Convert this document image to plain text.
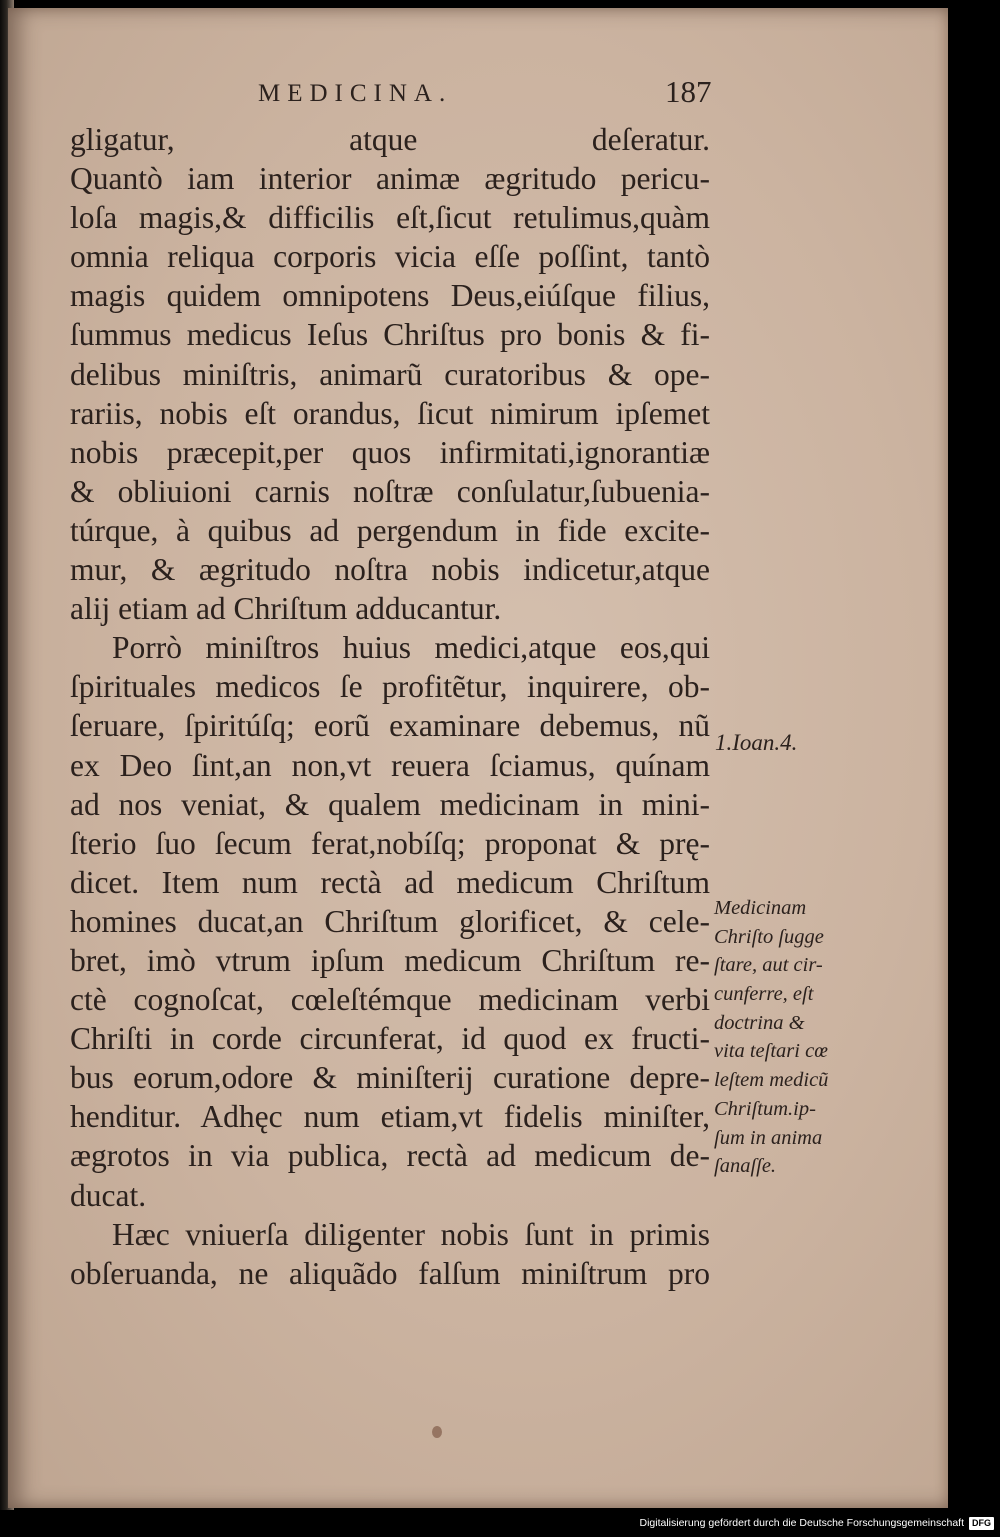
MEDICINA.	187
gligatur, atque deſeratur.
Quantò iam interior animæ ægritudo pericu-
loſa magis,& difficilis eſt,ſicut retulimus,quàm
omnia reliqua corporis vicia eſſe poſſint, tantò
magis quidem omnipotens Deus,eiúſque filius,
ſummus medicus Ieſus Chriſtus pro bonis & fi-
delibus miniſtris, animarũ curatoribus & ope-
rariis, nobis eſt orandus, ſicut nimirum ipſemet
nobis præcepit,per quos infirmitati,ignorantiæ
& obliuioni carnis noſtræ conſulatur,ſubuenia-
túrque, à quibus ad pergendum in fide excite-
mur, & ægritudo noſtra nobis indicetur,atque
alij etiam ad Chriſtum adducantur.
Porrò miniſtros huius medici,atque eos,qui
ſpirituales medicos ſe profitẽtur, inquirere, ob-
ſeruare, ſpiritúſq; eorũ examinare debemus, nũ
ex Deo ſint,an non,vt reuera ſciamus, quínam
ad nos veniat, & qualem medicinam in mini-
ſterio ſuo ſecum ferat,nobíſq; proponat & prę-
dicet. Item num rectà ad medicum Chriſtum
homines ducat,an Chriſtum glorificet, & cele-
bret, imò vtrum ipſum medicum Chriſtum re-
ctè cognoſcat, cœleſtémque medicinam verbi
Chriſti in corde circunferat, id quod ex fructi-
bus eorum,odore & miniſterij curatione depre-
henditur. Adhęc num etiam,vt fidelis miniſter,
ægrotos in via publica, rectà ad medicum de-
ducat.
Hæc vniuerſa diligenter nobis ſunt in primis
obſeruanda, ne aliquãdo falſum miniſtrum pro
1.Ioan.4.
Medicinam
Chriſto ſugge
ſtare, aut cir-
cunferre, eſt
doctrina &
vita teſtari cœ
leſtem medicũ
Chriſtum.ip-
ſum in anima
ſanaſſe.
Digitalisierung gefördert durch die Deutsche Forschungsgemeinschaft DFG
